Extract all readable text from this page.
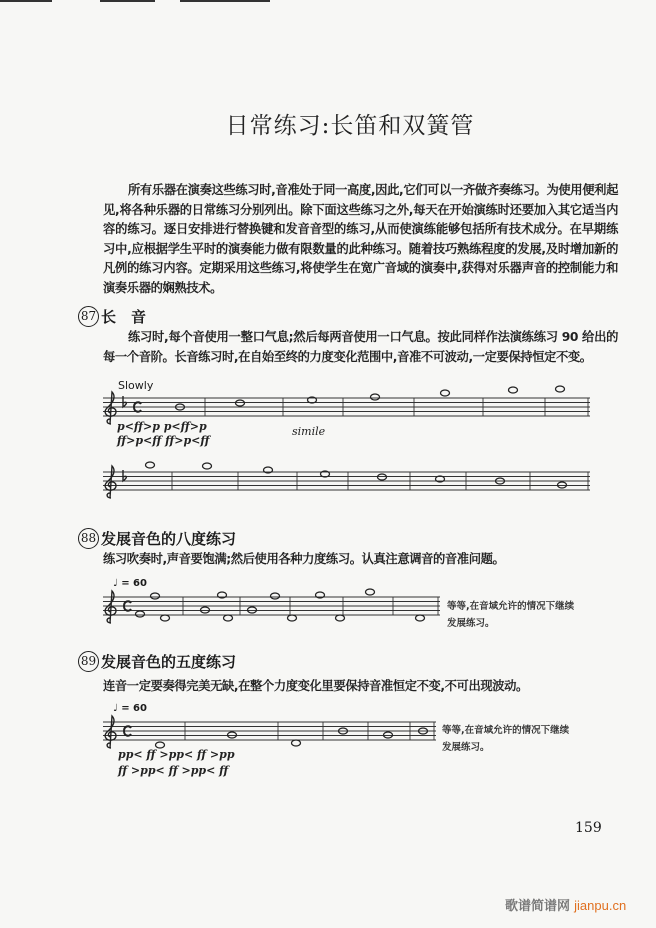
日常练习:长笛和双簧管
所有乐器在演奏这些练习时,音准处于同一高度,因此,它们可以一齐做齐奏练习。为使用便利起见,将各种乐器的日常练习分别列出。除下面这些练习之外,每天在开始演练时还要加入其它适当内容的练习。逐日安排进行替换键和发音音型的练习,从而使演练能够包括所有技术成分。在早期练习中,应根据学生平时的演奏能力做有限数量的此种练习。随着技巧熟练程度的发展,及时增加新的凡例的练习内容。定期采用这些练习,将使学生在宽广音域的演奏中,获得对乐器声音的控制能力和演奏乐器的娴熟技术。
87 长　音
练习时,每个音使用一整口气息;然后每两音使用一口气息。按此同样作法演练练习 90 给出的每一个音阶。长音练习时,在自始至终的力度变化范围中,音准不可波动,一定要保持恒定不变。
Slowly
p<ff>p p<ff>p
ff>p<ff ff>p<ff
simile
88 发展音色的八度练习
练习吹奏时,声音要饱满;然后使用各种力度练习。认真注意调音的音准问题。
♩ = 60
等等,在音域允许的情况下继续
发展练习。
89 发展音色的五度练习
连音一定要奏得完美无缺,在整个力度变化里要保持音准恒定不变,不可出现波动。
♩ = 60
pp< ff >pp< ff >pp
ff >pp< ff >pp< ff
等等,在音域允许的情况下继续
发展练习。
159
歌谱简谱网 jianpu.cn
